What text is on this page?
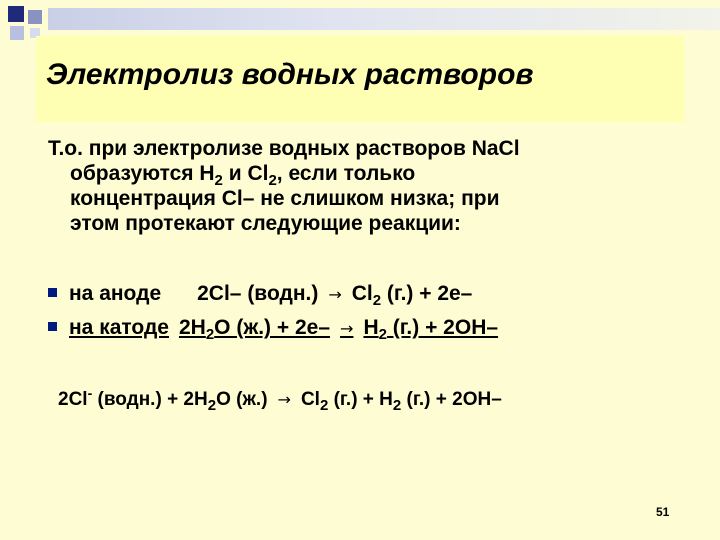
Электролиз водных растворов

Т.о. при электролизе водных растворов NaCl
образуются $H_2$ и $Cl_2$, если только
концентрация Cl– не слишком низка; при
этом протекают следующие реакции:

на аноде 2Cl– (водн.) → $Cl_2$ (г.) + 2e–
на катоде $2H_2O$ $(ж.) + 2e- \to H_2$ (г.) + 2OH–
2Cl- (водн.) + $2H_2O$ $(ж.) \to Cl_2$ $(г.) + H_2$ (г.) + 2OH–
51
